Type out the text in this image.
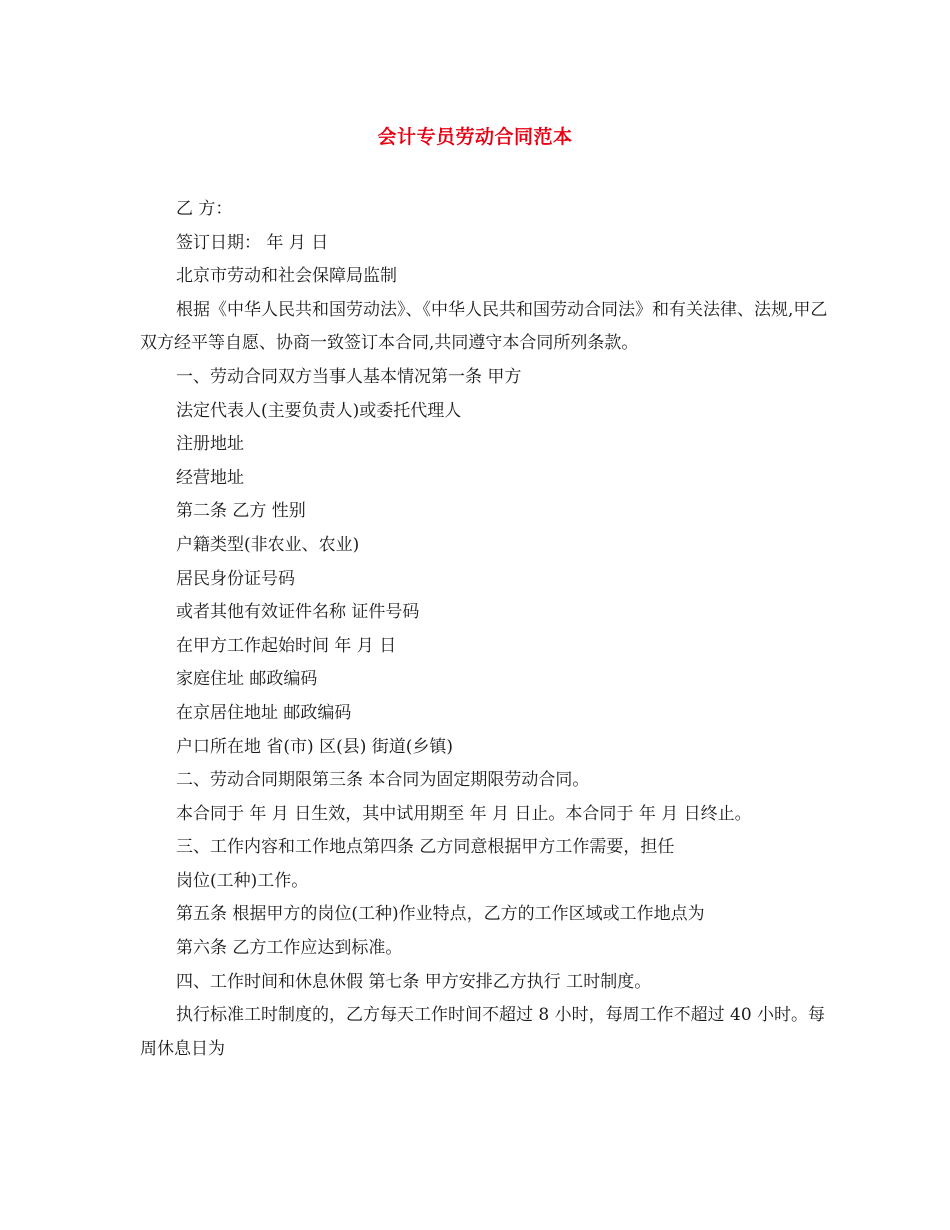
会计专员劳动合同范本

乙 方：

签订日期： 年 月 日

北京市劳动和社会保障局监制

根据《中华人民共和国劳动法》、《中华人民共和国劳动合同法》和有关法律、法规,甲乙双方经平等自愿、协商一致签订本合同,共同遵守本合同所列条款。

一、劳动合同双方当事人基本情况第一条 甲方

法定代表人(主要负责人)或委托代理人

注册地址

经营地址

第二条 乙方 性别

户籍类型(非农业、农业)

居民身份证号码

或者其他有效证件名称 证件号码

在甲方工作起始时间 年 月 日

家庭住址 邮政编码

在京居住地址 邮政编码

户口所在地 省(市) 区(县) 街道(乡镇)

二、劳动合同期限第三条 本合同为固定期限劳动合同。

本合同于 年 月 日生效，其中试用期至 年 月 日止。本合同于 年 月 日终止。

三、工作内容和工作地点第四条 乙方同意根据甲方工作需要，担任

岗位(工种)工作。

第五条 根据甲方的岗位(工种)作业特点，乙方的工作区域或工作地点为

第六条 乙方工作应达到标准。

四、工作时间和休息休假 第七条 甲方安排乙方执行 工时制度。

执行标准工时制度的，乙方每天工作时间不超过 8 小时，每周工作不超过 40 小时。每周休息日为
